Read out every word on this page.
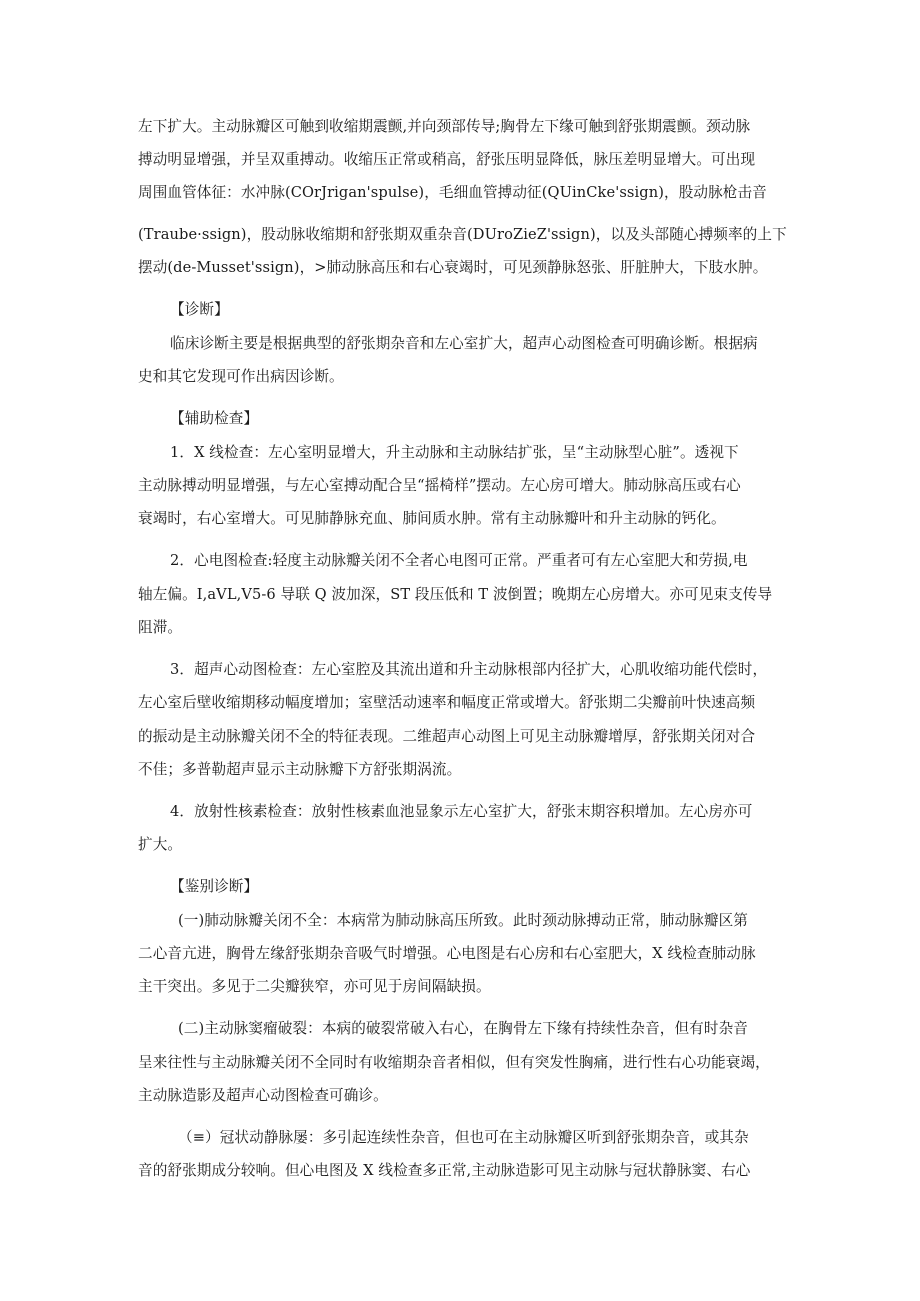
左下扩大。主动脉瓣区可触到收缩期震颤,并向颈部传导;胸骨左下缘可触到舒张期震颤。颈动脉
搏动明显增强，并呈双重搏动。收缩压正常或稍高，舒张压明显降低，脉压差明显增大。可出现
周围血管体征：水冲脉(COrJrigan'spulse)，毛细血管搏动征(QUinCke'ssign)，股动脉枪击音
(Traube·ssign)，股动脉收缩期和舒张期双重杂音(DUroZieZ'ssign)，以及头部随心搏频率的上下
摆动(de-Musset'ssign)，>肺动脉高压和右心衰竭时，可见颈静脉怒张、肝脏肿大，下肢水肿。
【诊断】
临床诊断主要是根据典型的舒张期杂音和左心室扩大，超声心动图检查可明确诊断。根据病
史和其它发现可作出病因诊断。
【辅助检查】
1．X 线检查：左心室明显增大，升主动脉和主动脉结扩张，呈“主动脉型心脏”。透视下
主动脉搏动明显增强，与左心室搏动配合呈“摇椅样”摆动。左心房可增大。肺动脉高压或右心
衰竭时，右心室增大。可见肺静脉充血、肺间质水肿。常有主动脉瓣叶和升主动脉的钙化。
2．心电图检查:轻度主动脉瓣关闭不全者心电图可正常。严重者可有左心室肥大和劳损,电
轴左偏。I,aVL,V5-6 导联 Q 波加深，ST 段压低和 T 波倒置；晚期左心房增大。亦可见束支传导
阻滞。
3．超声心动图检查：左心室腔及其流出道和升主动脉根部内径扩大，心肌收缩功能代偿时，
左心室后壁收缩期移动幅度增加；室壁活动速率和幅度正常或增大。舒张期二尖瓣前叶快速高频
的振动是主动脉瓣关闭不全的特征表现。二维超声心动图上可见主动脉瓣增厚，舒张期关闭对合
不佳；多普勒超声显示主动脉瓣下方舒张期涡流。
4．放射性核素检查：放射性核素血池显象示左心室扩大，舒张末期容积增加。左心房亦可
扩大。
【鉴别诊断】
(一)肺动脉瓣关闭不全：本病常为肺动脉高压所致。此时颈动脉搏动正常，肺动脉瓣区第
二心音亢进，胸骨左缘舒张期杂音吸气时增强。心电图是右心房和右心室肥大，X 线检查肺动脉
主干突出。多见于二尖瓣狭窄，亦可见于房间隔缺损。
(二)主动脉窦瘤破裂：本病的破裂常破入右心，在胸骨左下缘有持续性杂音，但有时杂音
呈来往性与主动脉瓣关闭不全同时有收缩期杂音者相似，但有突发性胸痛，进行性右心功能衰竭，
主动脉造影及超声心动图检查可确诊。
（≡）冠状动静脉屡：多引起连续性杂音，但也可在主动脉瓣区听到舒张期杂音，或其杂
音的舒张期成分较响。但心电图及 X 线检查多正常,主动脉造影可见主动脉与冠状静脉窦、右心
